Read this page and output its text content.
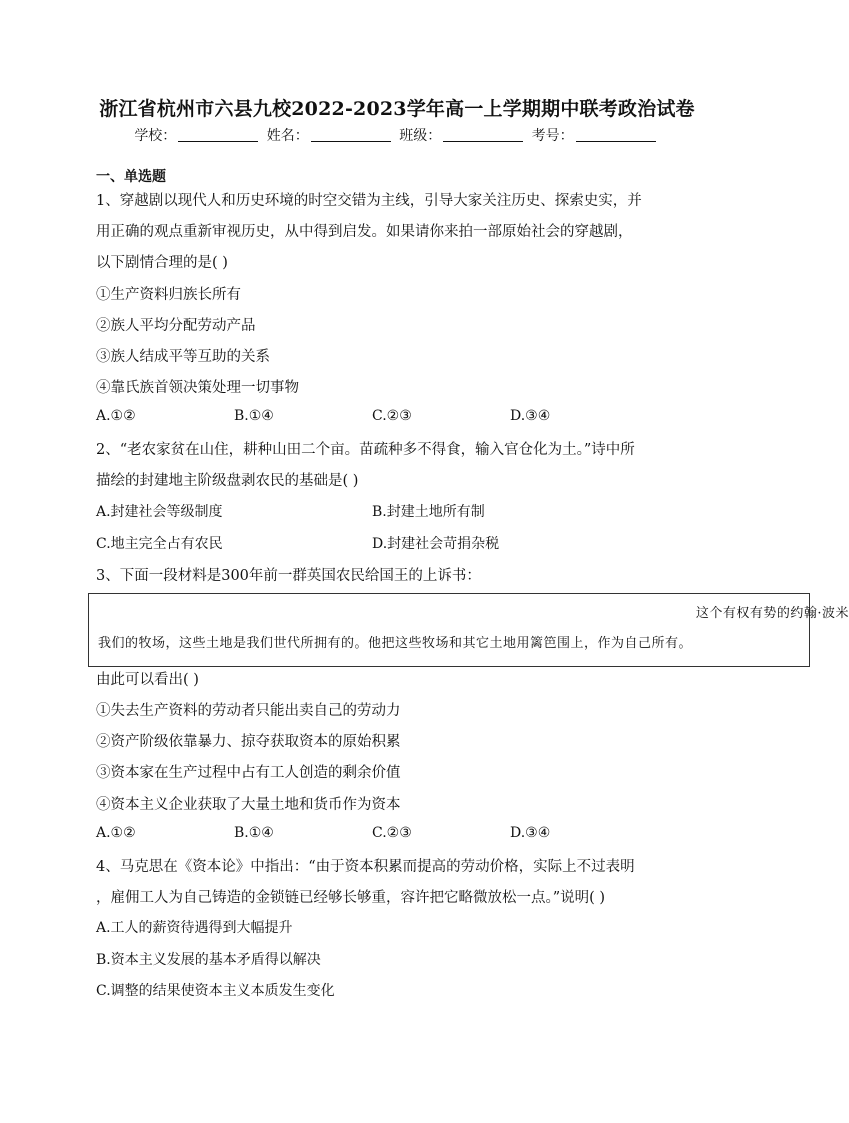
浙江省杭州市六县九校2022-2023学年高一上学期期中联考政治试卷
学校：	姓名：	班级：	考号：
一、单选题
1、穿越剧以现代人和历史环境的时空交错为主线，引导大家关注历史、探索史实，并
用正确的观点重新审视历史，从中得到启发。如果请你来拍一部原始社会的穿越剧，
以下剧情合理的是( )
①生产资料归族长所有
②族人平均分配劳动产品
③族人结成平等互助的关系
④靠氏族首领决策处理一切事物
A.①②	B.①④	C.②③	D.③④
2、“老农家贫在山住，耕种山田二个亩。苗疏种多不得食，输入官仓化为土。”诗中所
描绘的封建地主阶级盘剥农民的基础是( )
A.封建社会等级制度	B.封建土地所有制
C.地主完全占有农民	D.封建社会苛捐杂税
3、下面一段材料是300年前一群英国农民给国王的上诉书：
这个有权有势的约翰·波米
我们的牧场，这些土地是我们世代所拥有的。他把这些牧场和其它土地用篱笆围上，作为自己所有。
由此可以看出( )
①失去生产资料的劳动者只能出卖自己的劳动力
②资产阶级依靠暴力、掠夺获取资本的原始积累
③资本家在生产过程中占有工人创造的剩余价值
④资本主义企业获取了大量土地和货币作为资本
A.①②	B.①④	C.②③	D.③④
4、马克思在《资本论》中指出：“由于资本积累而提高的劳动价格，实际上不过表明
，雇佣工人为自己铸造的金锁链已经够长够重，容许把它略微放松一点。”说明( )
A.工人的薪资待遇得到大幅提升
B.资本主义发展的基本矛盾得以解决
C.调整的结果使资本主义本质发生变化
